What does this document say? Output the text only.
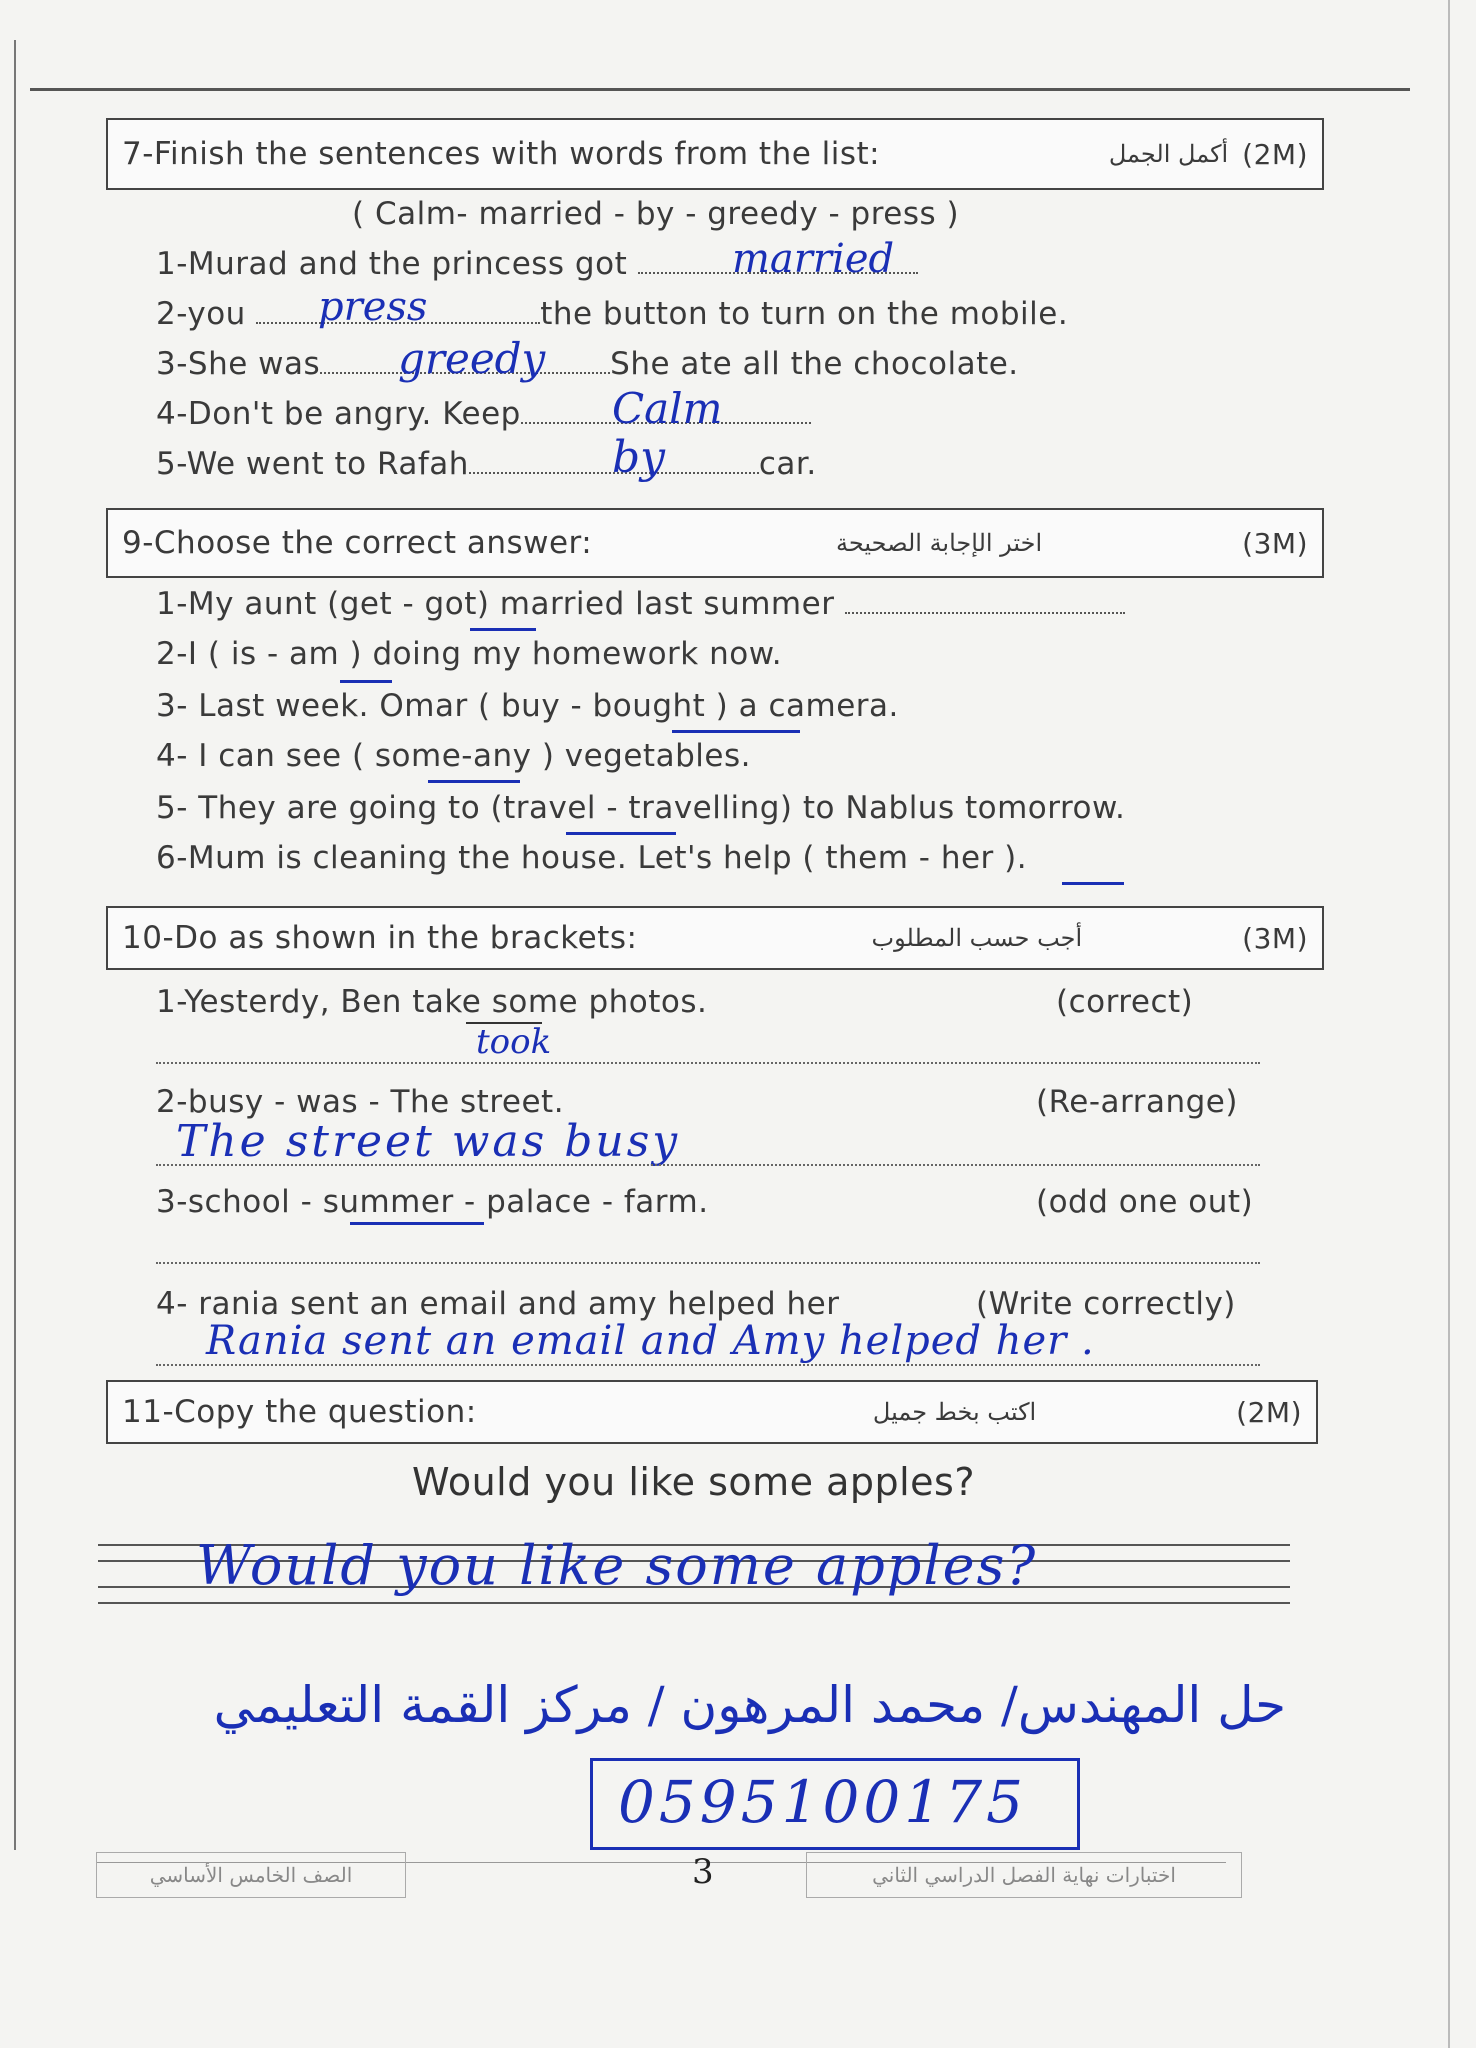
7-Finish the sentences with words from the list:	أكمل الجمل (2M)
( Calm- married - by - greedy - press )
1-Murad and the princess got	married
2-you	the button to turn on the mobile.
press
3-She was	She ate all the chocolate.
greedy
4-Don't be angry. Keep	Calm
5-We went to Rafah	car.
by
9-Choose the correct answer:	اختر الإجابة الصحيحة	(3M)
1-My aunt (get - got) married last summer
2-I ( is - am ) doing my homework now.
3- Last week. Omar ( buy - bought ) a camera.
4- I can see ( some-any ) vegetables.
5- They are going to (travel - travelling) to Nablus tomorrow.
6-Mum is cleaning the house. Let's help ( them - her ).
10-Do as shown in the brackets:	أجب حسب المطلوب	(3M)
1-Yesterdy, Ben take some photos.	(correct)
took
2-busy - was - The street.	(Re-arrange)
The street was busy
3-school - summer - palace - farm.	(odd one out)
4- rania sent an email and amy helped her	(Write correctly)
Rania sent an email and Amy helped her .
11-Copy the question:	اكتب بخط جميل	(2M)
Would you like some apples?
Would you like some apples?
حل المهندس/ محمد المرهون / مركز القمة التعليمي
0595100175
الصف الخامس الأساسي	3	اختبارات نهاية الفصل الدراسي الثاني
